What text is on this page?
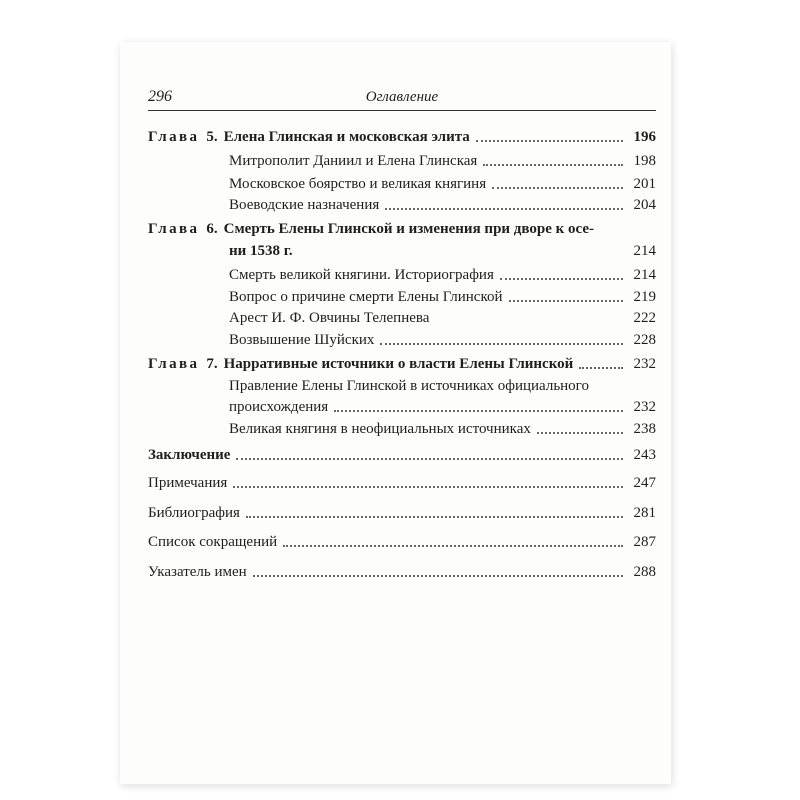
296	Оглавление
Глава 5. Елена Глинская и московская элита	196
Митрополит Даниил и Елена Глинская	198
Московское боярство и великая княгиня	201
Воеводские назначения	204
Глава 6. Смерть Елены Глинской и изменения при дворе к осе-
ни 1538 г.	214
Смерть великой княгини. Историография	214
Вопрос о причине смерти Елены Глинской	219
Арест И. Ф. Овчины Телепнева	222
Возвышение Шуйских	228
Глава 7. Нарративные источники о власти Елены Глинской	232
Правление Елены Глинской в источниках официального
происхождения	232
Великая княгиня в неофициальных источниках	238
Заключение	243
Примечания	247
Библиография	281
Список сокращений	287
Указатель имен	288
